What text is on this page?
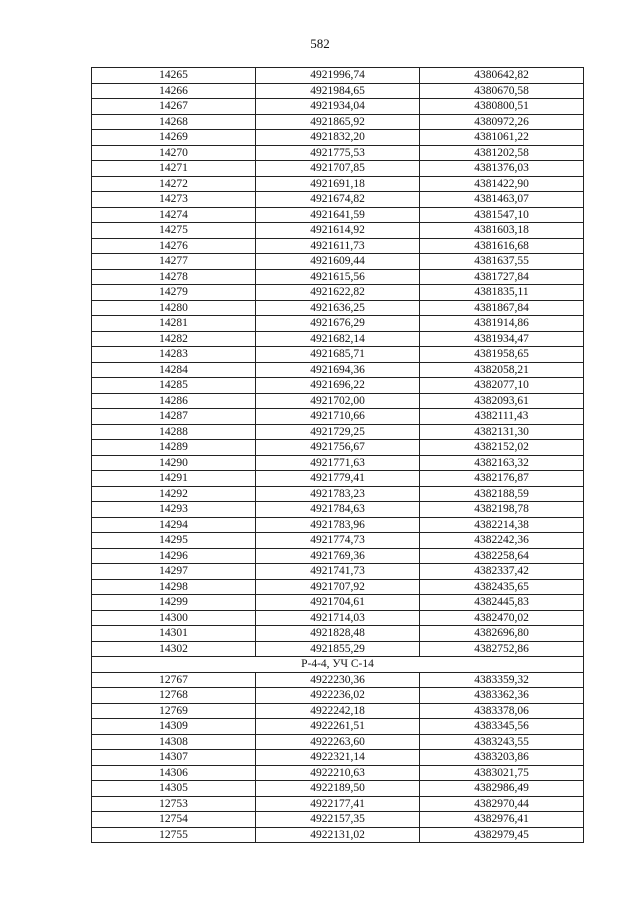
582
14265	4921996,74	4380642,82
14266	4921984,65	4380670,58
14267	4921934,04	4380800,51
14268	4921865,92	4380972,26
14269	4921832,20	4381061,22
14270	4921775,53	4381202,58
14271	4921707,85	4381376,03
14272	4921691,18	4381422,90
14273	4921674,82	4381463,07
14274	4921641,59	4381547,10
14275	4921614,92	4381603,18
14276	4921611,73	4381616,68
14277	4921609,44	4381637,55
14278	4921615,56	4381727,84
14279	4921622,82	4381835,11
14280	4921636,25	4381867,84
14281	4921676,29	4381914,86
14282	4921682,14	4381934,47
14283	4921685,71	4381958,65
14284	4921694,36	4382058,21
14285	4921696,22	4382077,10
14286	4921702,00	4382093,61
14287	4921710,66	4382111,43
14288	4921729,25	4382131,30
14289	4921756,67	4382152,02
14290	4921771,63	4382163,32
14291	4921779,41	4382176,87
14292	4921783,23	4382188,59
14293	4921784,63	4382198,78
14294	4921783,96	4382214,38
14295	4921774,73	4382242,36
14296	4921769,36	4382258,64
14297	4921741,73	4382337,42
14298	4921707,92	4382435,65
14299	4921704,61	4382445,83
14300	4921714,03	4382470,02
14301	4921828,48	4382696,80
14302	4921855,29	4382752,86
Р-4-4, УЧ С-14		
12767	4922230,36	4383359,32
12768	4922236,02	4383362,36
12769	4922242,18	4383378,06
14309	4922261,51	4383345,56
14308	4922263,60	4383243,55
14307	4922321,14	4383203,86
14306	4922210,63	4383021,75
14305	4922189,50	4382986,49
12753	4922177,41	4382970,44
12754	4922157,35	4382976,41
12755	4922131,02	4382979,45
